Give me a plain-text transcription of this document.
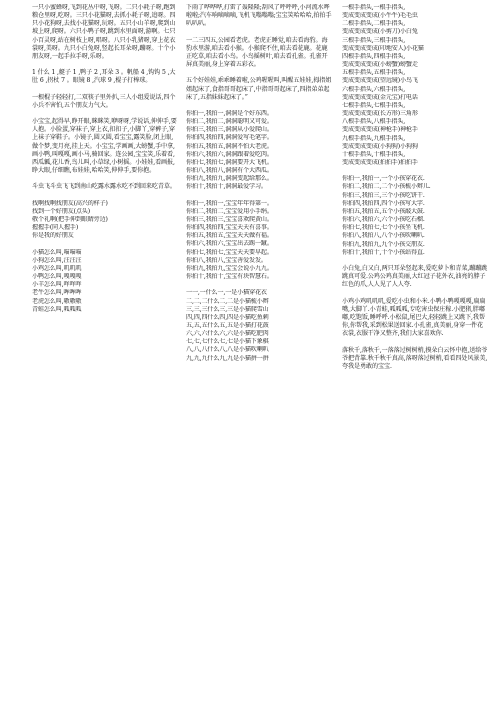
一只小蜜蜂呀,飞到花丛中呀,飞呀。二只小耗子呀,跑到粮仓里呀,吃呀。三只小花猫呀,去抓小耗子呀,追呀。四只小花狗呀,去找小花猫呀,玩呀。五只小山羊呀,爬到山坡上呀,爬呀。六只小鸭子呀,跳到水里面呀,游啊。七只小百灵呀,站在树枝上呀,唱呀。八只小乳猪呀,穿上花衣裳呀,美呀。九只小白兔呀,竖起长耳朵呀,蹦呀。十个小朋友呀,一起手拉手呀,乐呀。
1 什么 1 ,艇子 1 ,鸭子 2 ,耳朵 3 。帆船 4 ,钩钩 5 ,大肚 6 ,拐杖 7 。眼镜 8 ,汽球 9 ,棍子打棒球。
一根棍子轻轻打,二双筷子里外扒,三人小组爱说话,四个小兵不害怕,五个朋友力气大。
小宝宝,起得早,睁开眼,眯眯笑,咿呀呀,学说话,伸伸手,要人抱。小脸蛋,穿袜子,穿上衣,扣扣子,小脚丫,穿裤子,穿上袜子穿鞋子。小镜子,圆又圆,看宝宝,露笑脸,闭上眼,做个梦,变月亮,挂上天。小宝宝,学画画,大螃蟹,手中拿,画小鸭,叫嘎嘎,画小马,骑回家。连公园,宝宝笑,乐着看,西瓜瓤,花儿香,鸟儿叫,小草绿,小树摇。小娃娃,看画报,睁大眼,仔细瞧,布娃娃,哈哈笑,伸伸手,要你抱。
斗虫飞斗虫飞飞到南山吃露水露水吃不到回来吃青草。
找啊找啊找朋友(高兴的样子)
找到一个好朋友(点头)
敬个礼啊(把手伸到眼睛旁边)
握握手(同人握手)
你是我的好朋友
小猫怎么叫,喵喵喵
小狗怎么叫,汪汪汪
小鸡怎么叫,叽叽叽
小鸭怎么叫,嘎嘎嘎
小羊怎么叫,咩咩咩
老牛怎么叫,哞哞哞
老虎怎么叫,嗷嗷嗷
青蛙怎么叫,呱呱呱
下雨了哗哗哗,打雷了轰隆隆;刮风了呼呼呼,小河流水哗啦啦;汽车响嘀嘀嘀,飞机飞嗡嗡嗡;宝宝笑哈哈哈,拍拍手叭叭叭。
一二三四五,公园看老虎。老虎正睡觉,咱去看海豹。海豹水里游,咱去看小猴。小猴爬不住,咱去看花鹿。花鹿正吃草,咱去看小鸟。小鸟摇树叶,咱去看孔雀。孔雀开屏真美丽,身上穿着五彩衣。
五个好娃娃,乖乖睡着啦,公鸡喔喔叫,叫醒五娃娃,拇指姐姐起床了,食指哥哥起床了,中指哥哥起床了,四指弟弟起床了,五指妹妹起床了。”
你拍一,我拍一,洞洞是个好东西。
你拍二,我拍二,洞洞聪明又可爱。
你拍三,我拍三,洞洞从小爱爬山。
你拍四,我拍四,洞洞爱写毛笔字。
你拍五,我拍五,洞洞不怕大老虎。
你拍六,我拍六,洞洞跟着爱吃肉。
你拍七,我拍七,洞洞要开大飞机。
你拍八,我拍八,洞洞有个大西瓜。
你拍九,我拍九,洞洞变起给那么。
你拍十,我拍十,洞洞最爱学习。
你拍一,我拍一,宝宝年年得第一。
你拍二,我拍二,宝宝爱用小手绢。
你拍三,我拍三,宝宝喜欢爬黄山。
你拍四,我拍四,宝宝天天有喜事。
你拍五,我拍五,宝宝天天做有福。
你拍六,我拍六,宝宝出去踢一蹴。
你拍七,我拍七,宝宝天天要早起。
你拍八,我拍八,宝宝善爱发发。
你拍九,我拍九,宝宝会说小九九。
你拍十,我拍十,宝宝有块智慧石。
一一,一什么一,一是小猫穿花衣
二,二,二什么二,二是小猫梳小辫
三,三,三什么三,三是小猫爬雪山
四,四,四什么四,四是小猫吃鱼刺
五,五,五什么五,五是小猫打花鼓
六,六,六什么六,六是小猫吃肥肉
七,七,七什么七,七是小猫下象棋
八,八,八什么八,八是小猫吹喇叭
九,九,九什么九,九是小猫拼一拼
一根手指头,一根手指头,
变成变成变成(小牛牛)毛毛虫
二根手指头,二根手指头,
变成变成变成(小剪刀)小白兔
三根手指头,三根手指头,
变成变成变成(印地安人)小花猫
四根手指头,四根手指头,
变成变成变成(小螃蟹)螃蟹走
五根手指头,五根手指头,
变成变成变成(望远镜)小鸟飞
六根手指头,六根手指头,
变成变成变成(金元宝)打电话
七根手指头,七根手指头,
变成变成变成(长方形)三角形
八根手指头,八根手指头,
变成变成变成(神枪手)神枪手
九根手指头,九根手指头,
变成变成变成(小狗狗)小狗狗
十根手指头,十根手指头,
变成变成变成(拍拍手)拍拍手
你拍一,我拍一,一个小孩穿花衣.
你拍二,我拍二,二个小孩梳小辫儿.
你拍三,我拍三,三个小孩吃饼干.
你拍四,我拍四,四个小孩写大字.
你拍五,我拍五,五个小孩敲大鼓.
你拍六,我拍六,六个小孩吃石榴.
你拍七,我拍七,七个小孩坐飞机.
你拍八,我拍八,八个小孩吹喇叭.
你拍九,我拍九,九个小孩交朋友.
你拍十,我拍十,十个小孩站得直.
小白兔,白又白,两只耳朵竖起来,爱吃萝卜和青菜,蹦蹦跳跳真可爱.公鸡公鸡真美丽,大红冠子花外衣,油亮的脖子红色的爪,人人见了人人夸.
小鸡小鸡叽叽叽,爱吃小虫和小米.小鸭小鸭嘎嘎嘎,扁扁嘴,大脚丫.小青蛙,呱呱呱,专吃害虫保庄稼.小肥猪,胖嘟嘟,吃饱饭,睡呼呼.小松鼠,尾巴大,轻轻跳上又跳下,我帮你,你帮我,采到松果送回家.小孔雀,真美丽,身穿一件花衣裳,衣服干净又整齐,我们大家喜欢你.
落秋千,落秋千,一落落过树树梢,摸朵白云怀中抱,送给爷爷把背靠.秋千秋千真高,落呀落过树梢,看看四处风景美,夸我是勇敢的宝宝.
